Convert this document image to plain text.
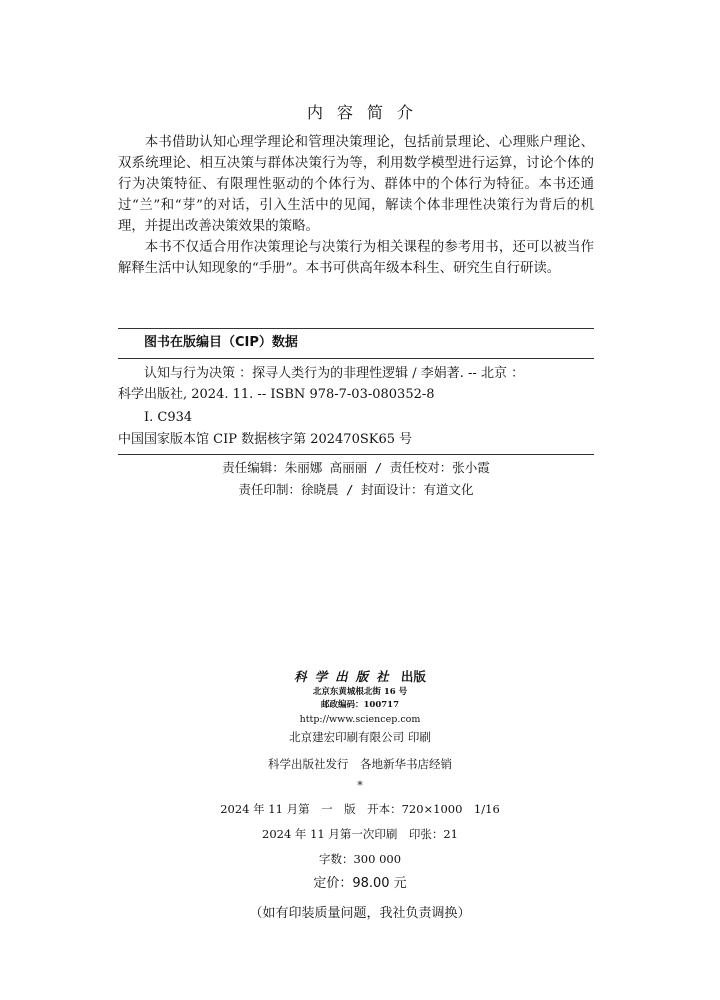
内容简介

本书借助认知心理学理论和管理决策理论，包括前景理论、心理账户理论、双系统理论、相互决策与群体决策行为等，利用数学模型进行运算，讨论个体的行为决策特征、有限理性驱动的个体行为、群体中的个体行为特征。本书还通过“兰”和“芽”的对话，引入生活中的见闻，解读个体非理性决策行为背后的机理，并提出改善决策效果的策略。

本书不仅适合用作决策理论与决策行为相关课程的参考用书，还可以被当作解释生活中认知现象的“手册”。本书可供高年级本科生、研究生自行研读。

图书在版编目（CIP）数据
认知与行为决策 ：探寻人类行为的非理性逻辑 / 李娟著. -- 北京 ：
科学出版社, 2024. 11. -- ISBN 978-7-03-080352-8
Ⅰ. C934
中国国家版本馆 CIP 数据核字第 202470SK65 号
责任编辑：朱丽娜 高丽丽 / 责任校对：张小霞
责任印制：徐晓晨 / 封面设计：有道文化
科学出版社 出版
北京东黄城根北街 16 号
邮政编码：100717
http://www.sciencep.com
北京建宏印刷有限公司 印刷
科学出版社发行　各地新华书店经销
*
2024 年 11 月第　一　版　开本：720×1000　1/16
2024 年 11 月第一次印刷　印张：21
字数：300 000
定价：98.00 元
（如有印装质量问题，我社负责调换）
